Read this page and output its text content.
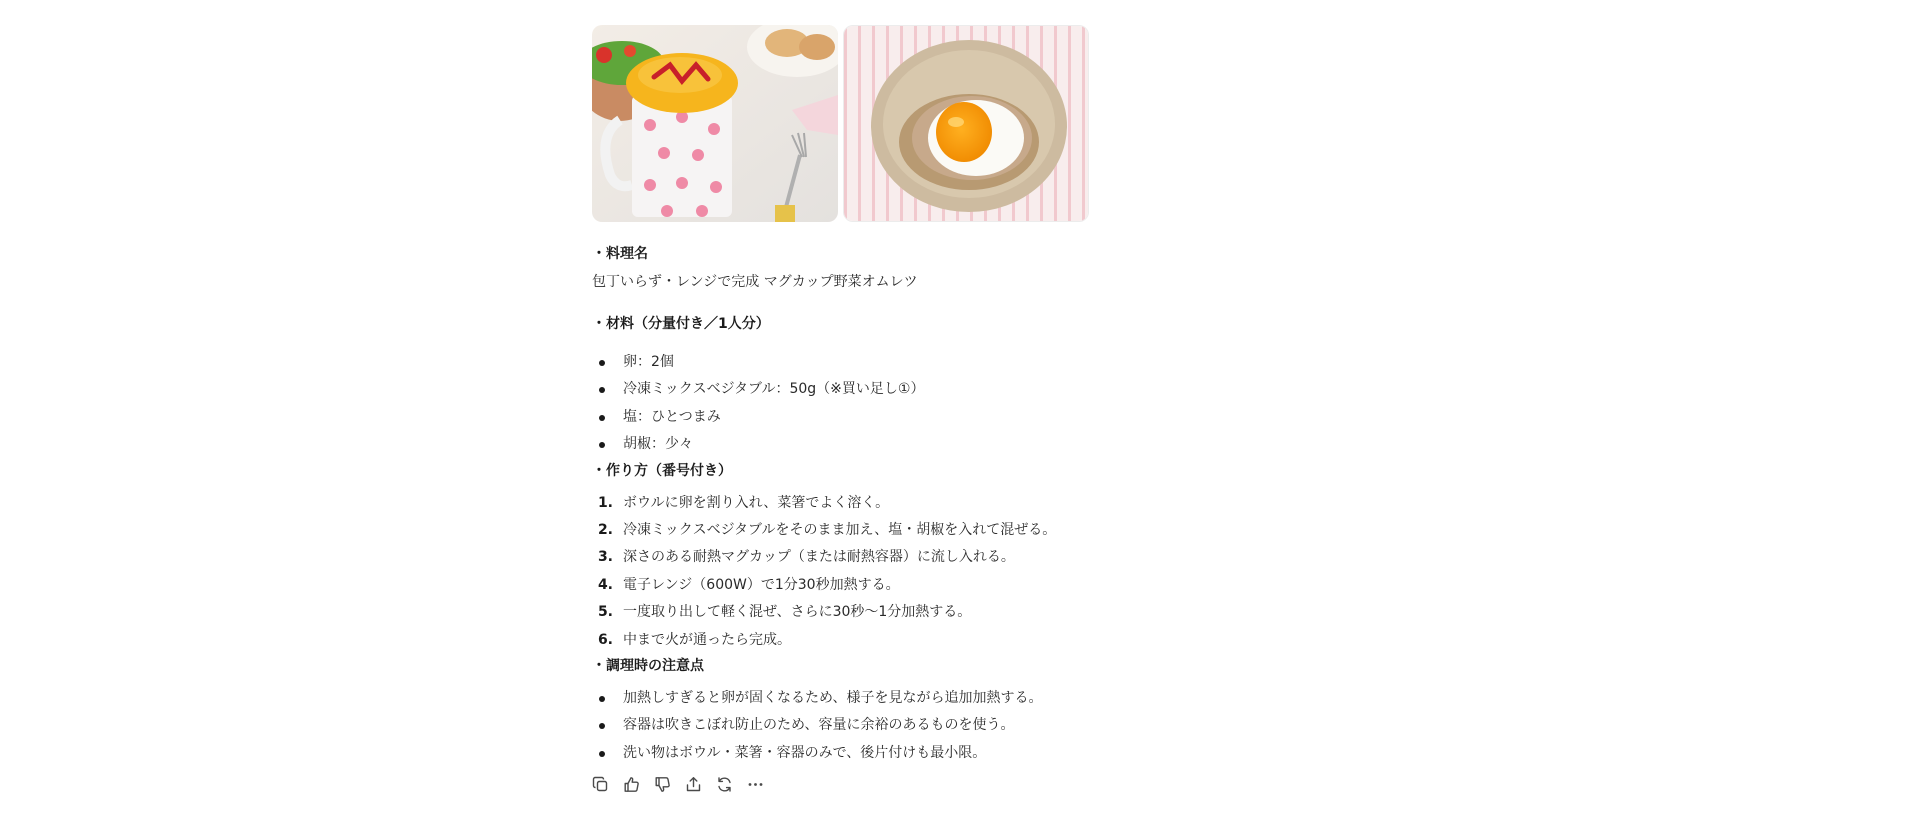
・料理名

包丁いらず・レンジで完成 マグカップ野菜オムレツ

・材料（分量付き／1人分）

卵：2個
冷凍ミックスベジタブル：50g（※買い足し①）
塩：ひとつまみ
胡椒：少々

・作り方（番号付き）

1. ボウルに卵を割り入れ、菜箸でよく溶く。
2. 冷凍ミックスベジタブルをそのまま加え、塩・胡椒を入れて混ぜる。
3. 深さのある耐熱マグカップ（または耐熱容器）に流し入れる。
4. 電子レンジ（600W）で1分30秒加熱する。
5. 一度取り出して軽く混ぜ、さらに30秒〜1分加熱する。
6. 中まで火が通ったら完成。

・調理時の注意点

加熱しすぎると卵が固くなるため、様子を見ながら追加加熱する。
容器は吹きこぼれ防止のため、容量に余裕のあるものを使う。
洗い物はボウル・菜箸・容器のみで、後片付けも最小限。
